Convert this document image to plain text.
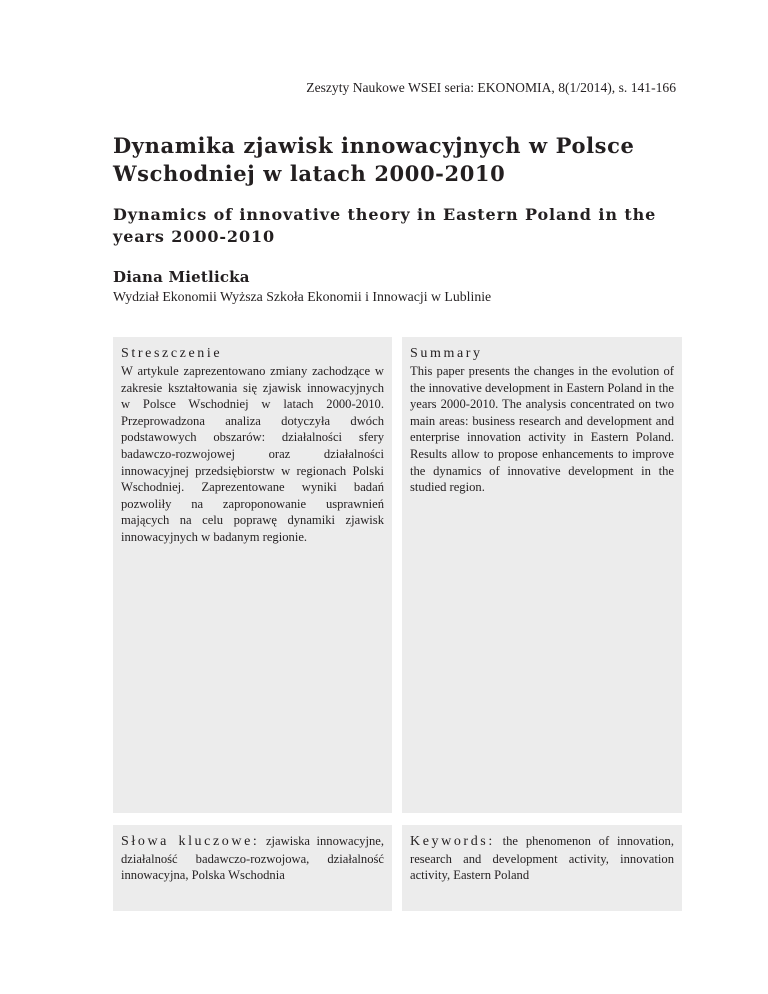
Zeszyty Naukowe WSEI seria: EKONOMIA, 8(1/2014), s. 141-166
Dynamika zjawisk innowacyjnych w Polsce Wschodniej w latach 2000-2010
Dynamics of innovative theory in Eastern Poland in the years 2000-2010
Diana Mietlicka
Wydział Ekonomii Wyższa Szkoła Ekonomii i Innowacji w Lublinie
Streszczenie

W artykule zaprezentowano zmiany zachodzące w zakresie kształtowania się zjawisk innowacyjnych w Polsce Wschodniej w latach 2000-2010. Przeprowadzona analiza dotyczyła dwóch podstawowych obszarów: działalności sfery badawczo-rozwojowej oraz działalności innowacyjnej przedsiębiorstw w regionach Polski Wschodniej. Zaprezentowane wyniki badań pozwoliły na zaproponowanie usprawnień mających na celu poprawę dynamiki zjawisk innowacyjnych w badanym regionie.

Summary

This paper presents the changes in the evolution of the innovative development in Eastern Poland in the years 2000-2010. The analysis concentrated on two main areas: business research and development and enterprise innovation activity in Eastern Poland. Results allow to propose enhancements to improve the dynamics of innovative development in the studied region.

Słowa kluczowe: zjawiska innowacyjne, działalność badawczo-rozwojowa, działalność innowacyjna, Polska Wschodnia

Keywords: the phenomenon of innovation, research and development activity, innovation activity, Eastern Poland
